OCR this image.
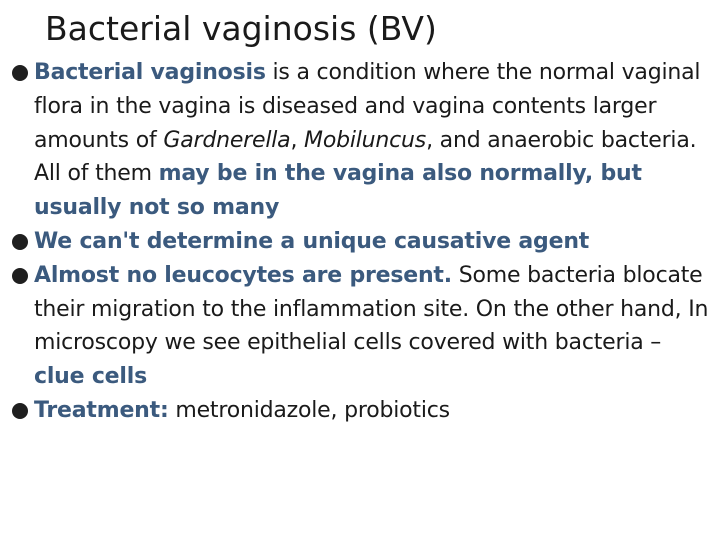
Bacterial vaginosis (BV)
Bacterial vaginosis is a condition where the normal vaginal flora in the vagina is diseased and vagina contents larger amounts of Gardnerella, Mobiluncus, and anaerobic bacteria. All of them may be in the vagina also normally, but usually not so many
We can't determine a unique causative agent
Almost no leucocytes are present. Some bacteria blocate their migration to the inflammation site. On the other hand, In microscopy we see epithelial cells covered with bacteria – clue cells
Treatment: metronidazole, probiotics
